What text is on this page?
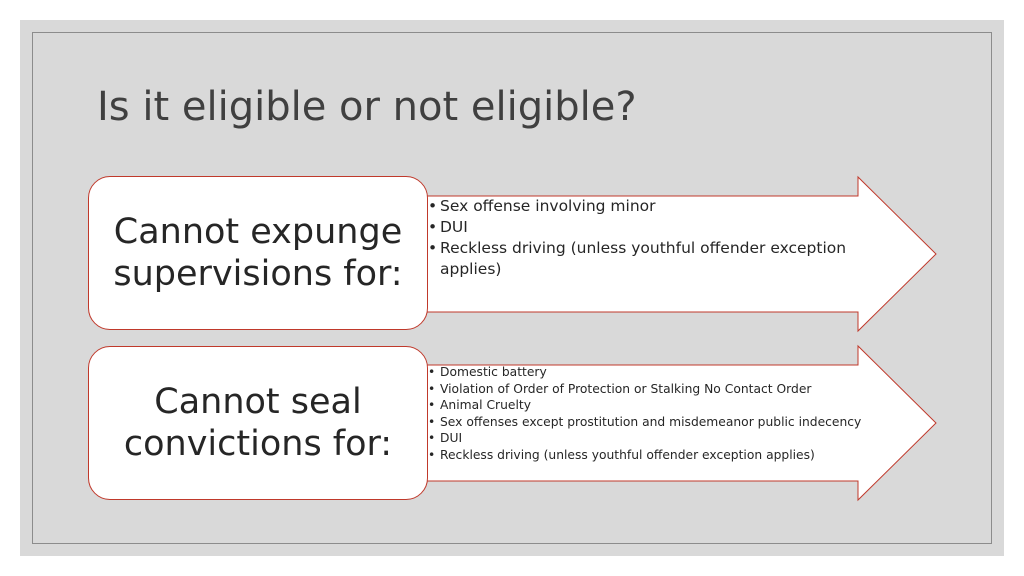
Is it eligible or not eligible?
Cannot expunge supervisions for:
• Sex offense involving minor
• DUI
• Reckless driving (unless youthful offender exception applies)
Cannot seal convictions for:
• Domestic battery
• Violation of Order of Protection or Stalking No Contact Order
• Animal Cruelty
• Sex offenses except prostitution and misdemeanor public indecency
• DUI
• Reckless driving (unless youthful offender exception applies)
